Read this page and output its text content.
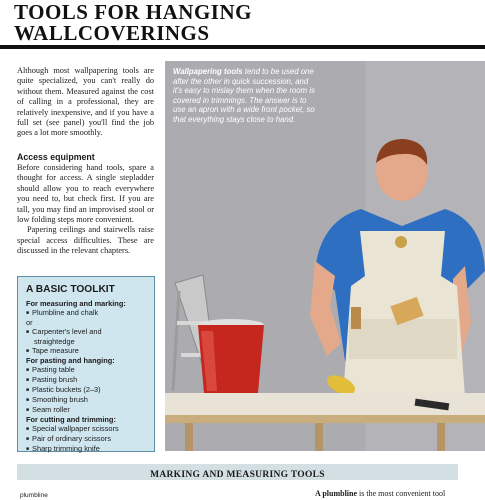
TOOLS FOR HANGING
WALLCOVERINGS
Although most wallpapering tools are quite specialized, you can't really do without them. Measured against the cost of calling in a professional, they are relatively inexpensive, and if you have a full set (see panel) you'll find the job goes a lot more smoothly.
Access equipment

Before considering hand tools, spare a thought for access. A single stepladder should allow you to reach everywhere you need to, but check first. If you are tall, you may find an improvised stool or low folding steps more convenient.

Papering ceilings and stairwells raise special access difficulties. These are discussed in the relevant chapters.

A BASIC TOOLKIT
For measuring and marking:
■ Plumbline and chalk
or
■ Carpenter's level and
straightedge
■ Tape measure
For pasting and hanging:
■ Pasting table
■ Pasting brush
■ Plastic buckets (2–3)
■ Smoothing brush
■ Seam roller
For cutting and trimming:
■ Special wallpaper scissors
■ Pair of ordinary scissors
■ Sharp trimming knife
Wallpapering tools tend to be used one after the other in quick succession, and it's easy to mislay them when the room is covered in trimmings. The answer is to use an apron with a wide front pocket, so that everything stays close to hand.
MARKING AND MEASURING TOOLS
plumbline	A plumbline is the most convenient tool
